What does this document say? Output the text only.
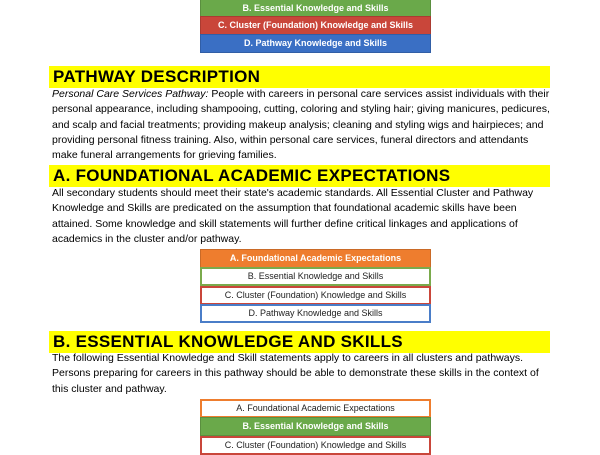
B. Essential Knowledge and Skills
C. Cluster (Foundation) Knowledge and Skills
D. Pathway Knowledge and Skills
PATHWAY DESCRIPTION
Personal Care Services Pathway: People with careers in personal care services assist individuals with their personal appearance, including shampooing, cutting, coloring and styling hair; giving manicures, pedicures, and scalp and facial treatments; providing makeup analysis; cleaning and styling wigs and hairpieces; and providing personal fitness training. Also, within personal care services, funeral directors and attendants make funeral arrangements for grieving families.
A. FOUNDATIONAL ACADEMIC EXPECTATIONS
All secondary students should meet their state's academic standards. All Essential Cluster and Pathway Knowledge and Skills are predicated on the assumption that foundational academic skills have been attained. Some knowledge and skill statements will further define critical linkages and applications of academics in the cluster and/or pathway.
A. Foundational Academic Expectations
B. Essential Knowledge and Skills
C. Cluster (Foundation) Knowledge and Skills
D. Pathway Knowledge and Skills
B. ESSENTIAL KNOWLEDGE AND SKILLS
The following Essential Knowledge and Skill statements apply to careers in all clusters and pathways. Persons preparing for careers in this pathway should be able to demonstrate these skills in the context of this cluster and pathway.
A. Foundational Academic Expectations
B. Essential Knowledge and Skills
C. Cluster (Foundation) Knowledge and Skills
